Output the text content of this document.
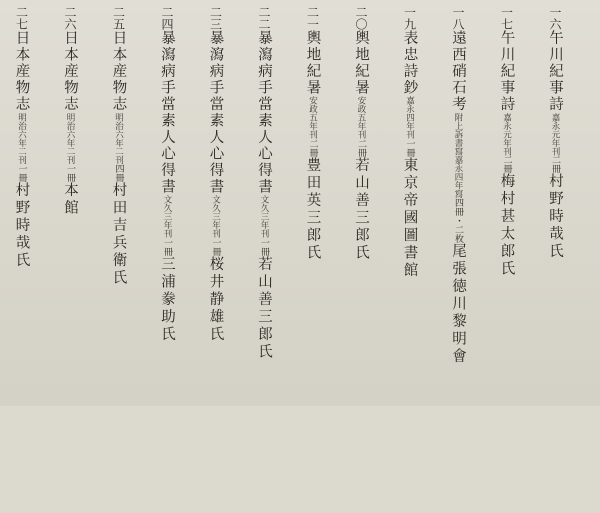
一六午川紀事詩嘉永元年刊二冊村野時哉氏
一七午川紀事詩嘉永元年刊二冊梅村甚太郎氏
一八遠西硝石考附上訴書寫嘉永四年寫四冊・二枚尾張徳川黎明會
一九表忠詩鈔嘉永四年刊一冊東京帝國圖書館
二〇輿地紀暑安政五年刊二冊若山善三郎氏
二一輿地紀暑安政五年刊二冊豊田英三郎氏
二二暴瀉病手當素人心得書文久三年刊一冊若山善三郎氏
二三暴瀉病手當素人心得書文久三年刊一冊桜井静雄氏
二四暴瀉病手當素人心得書文久三年刊一冊三浦豢助氏
二五日本産物志明治六年二刊四冊村田吉兵衛氏
二六日本産物志明治六年二刊一冊本館
二七日本産物志明治六年二刊一冊村野時哉氏
